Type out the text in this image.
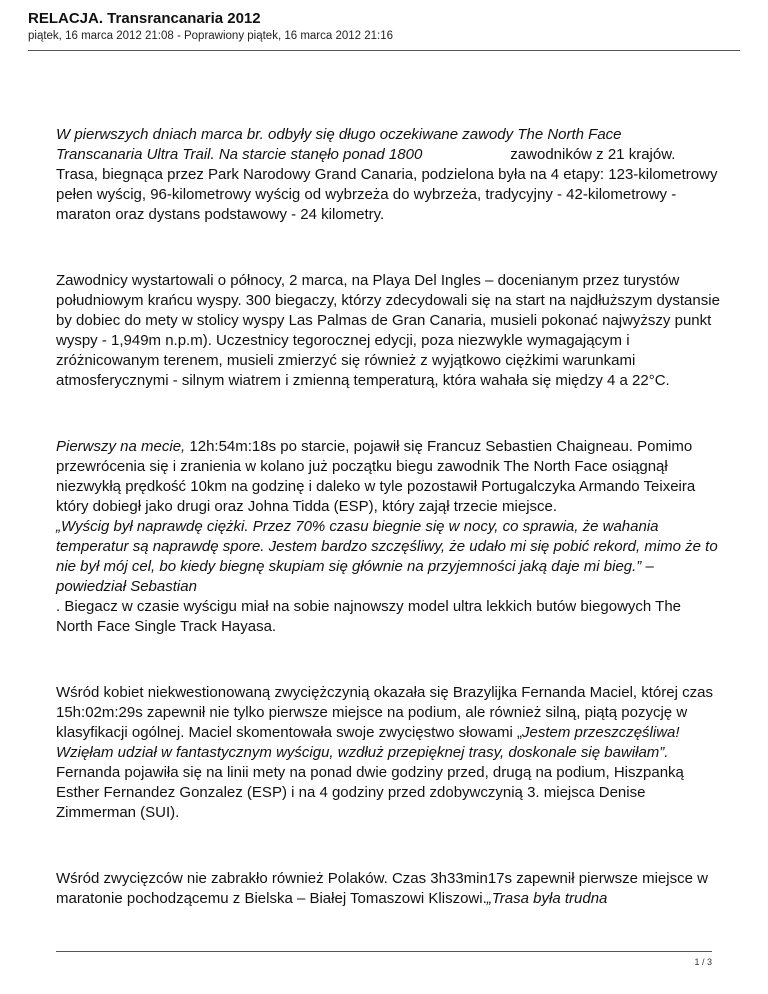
RELACJA. Transrancanaria 2012

piątek, 16 marca 2012 21:08 - Poprawiony piątek, 16 marca 2012 21:16

W pierwszych dniach marca br. odbyły się długo oczekiwane zawody The North Face
Transcanaria Ultra Trail. Na starcie stanęło ponad 1800	zawodników z 21 krajów.
Trasa, biegnąca przez Park Narodowy Grand Canaria, podzielona była na 4 etapy: 123-kilometrowy pełen wyścig, 96-kilometrowy wyścig od wybrzeża do wybrzeża, tradycyjny - 42-kilometrowy - maraton oraz dystans podstawowy - 24 kilometry.

Zawodnicy wystartowali o północy, 2 marca, na Playa Del Ingles – docenianym przez turystów południowym krańcu wyspy. 300 biegaczy, którzy zdecydowali się na start na najdłuższym dystansie by dobiec do mety w stolicy wyspy Las Palmas de Gran Canaria, musieli pokonać najwyższy punkt wyspy - 1,949m n.p.m). Uczestnicy tegorocznej edycji, poza niezwykle wymagającym i zróżnicowanym terenem, musieli zmierzyć się również z wyjątkowo ciężkimi warunkami atmosferycznymi - silnym wiatrem i zmienną temperaturą, która wahała się między 4 a 22°C.

Pierwszy na mecie, 12h:54m:18s po starcie, pojawił się Francuz Sebastien Chaigneau. Pomimo przewrócenia się i zranienia w kolano już początku biegu zawodnik The North Face osiągnął niezwykłą prędkość 10km na godzinę i daleko w tyle pozostawił Portugalczyka Armando Teixeira który dobiegł jako drugi oraz Johna Tidda (ESP), który zajął trzecie miejsce.
„Wyścig był naprawdę ciężki. Przez 70% czasu biegnie się w nocy, co sprawia, że wahania temperatur są naprawdę spore. Jestem bardzo szczęśliwy, że udało mi się pobić rekord, mimo że to nie był mój cel, bo kiedy biegnę skupiam się głównie na przyjemności jaką daje mi bieg.” – powiedział Sebastian
. Biegacz w czasie wyścigu miał na sobie najnowszy model ultra lekkich butów biegowych The North Face Single Track Hayasa.

Wśród kobiet niekwestionowaną zwyciężczynią okazała się Brazylijka Fernanda Maciel, której czas 15h:02m:29s zapewnił nie tylko pierwsze miejsce na podium, ale również silną, piątą pozycję w klasyfikacji ogólnej. Maciel skomentowała swoje zwycięstwo słowami „Jestem przeszczęśliwa! Wzięłam udział w fantastycznym wyścigu, wzdłuż przepięknej trasy, doskonale się bawiłam”.
Fernanda pojawiła się na linii mety na ponad dwie godziny przed, drugą na podium, Hiszpanką Esther Fernandez Gonzalez (ESP) i na 4 godziny przed zdobywczynią 3. miejsca Denise Zimmerman (SUI).

Wśród zwycięzców nie zabrakło również Polaków. Czas 3h33min17s zapewnił pierwsze miejsce w maratonie pochodzącemu z Bielska – Białej Tomaszowi Kliszowi.„Trasa była trudna

1 / 3
